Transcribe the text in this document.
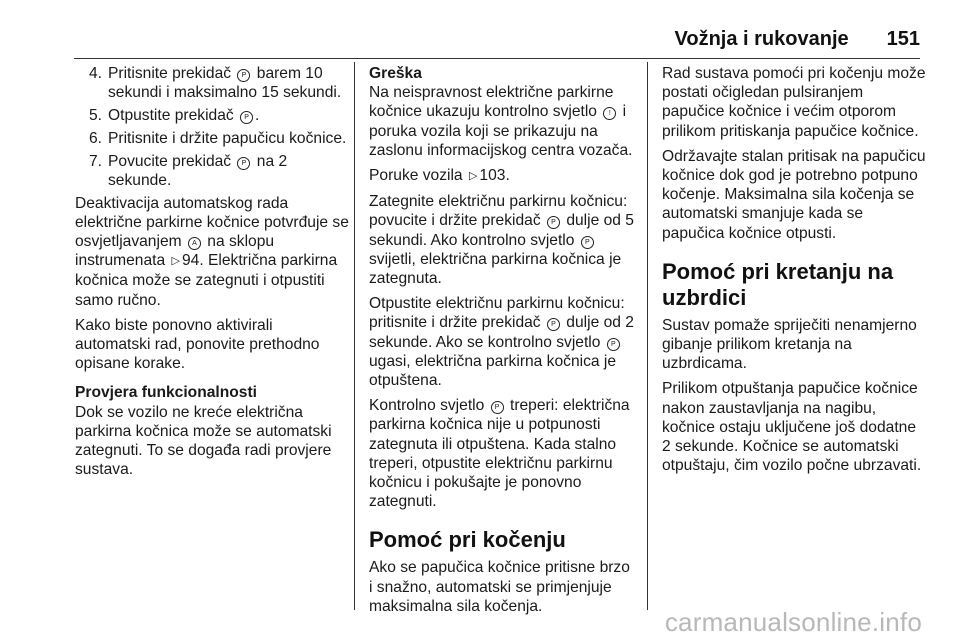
Vožnja i rukovanje 151
4. Pritisnite prekidač P barem 10 sekundi i maksimalno 15 sekundi.
5. Otpustite prekidač P .
6. Pritisnite i držite papučicu kočnice.
7. Povucite prekidač P na 2 sekunde.

Deaktivacija automatskog rada električne parkirne kočnice potvrđuje se osvjetljavanjem A na sklopu instrumenata ▷ 94. Električna parkirna kočnica može se zategnuti i otpustiti samo ručno.

Kako biste ponovno aktivirali automatski rad, ponovite prethodno opisane korake.

Provjera funkcionalnosti

Dok se vozilo ne kreće električna parkirna kočnica može se automatski zategnuti. To se događa radi provjere sustava.

Greška

Na neispravnost električne parkirne kočnice ukazuju kontrolno svjetlo ! i poruka vozila koji se prikazuju na zaslonu informacijskog centra vozača.

Poruke vozila ▷ 103.

Zategnite električnu parkirnu kočnicu: povucite i držite prekidač P dulje od 5 sekundi. Ako kontrolno svjetlo P svijetli, električna parkirna kočnica je zategnuta.

Otpustite električnu parkirnu kočnicu: pritisnite i držite prekidač P dulje od 2 sekunde. Ako se kontrolno svjetlo P ugasi, električna parkirna kočnica je otpuštena.

Kontrolno svjetlo P treperi: električna parkirna kočnica nije u potpunosti zategnuta ili otpuštena. Kada stalno treperi, otpustite električnu parkirnu kočnicu i pokušajte je ponovno zategnuti.

Pomoć pri kočenju

Ako se papučica kočnice pritisne brzo i snažno, automatski se primjenjuje maksimalna sila kočenja.

Rad sustava pomoći pri kočenju može postati očigledan pulsiranjem papučice kočnice i većim otporom prilikom pritiskanja papučice kočnice.

Održavajte stalan pritisak na papučicu kočnice dok god je potrebno potpuno kočenje. Maksimalna sila kočenja se automatski smanjuje kada se papučica kočnice otpusti.

Pomoć pri kretanju na uzbrdici

Sustav pomaže spriječiti nenamjerno gibanje prilikom kretanja na uzbrdicama.

Prilikom otpuštanja papučice kočnice nakon zaustavljanja na nagibu, kočnice ostaju uključene još dodatne 2 sekunde. Kočnice se automatski otpuštaju, čim vozilo počne ubrzavati.

carmanualsonline.info
